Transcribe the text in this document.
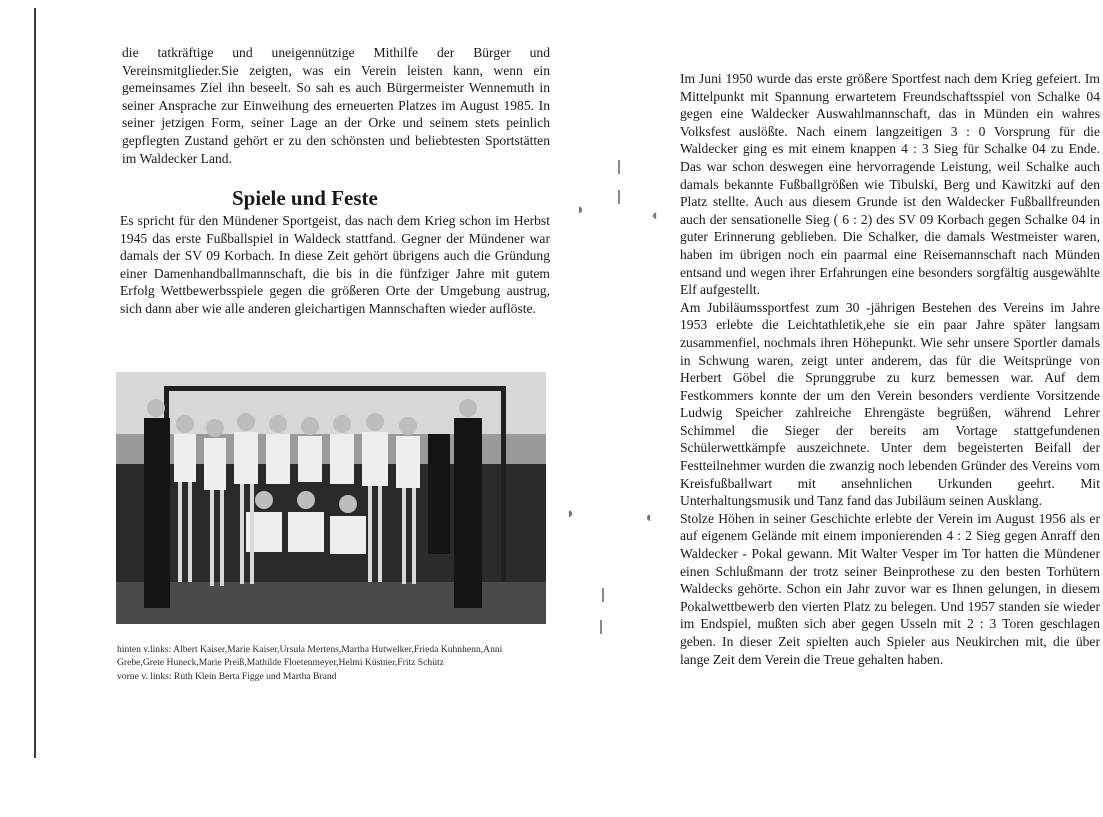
die tatkräftige und uneigennützige Mithilfe der Bürger und Vereinsmitglieder.Sie zeigten, was ein Verein leisten kann, wenn ein gemeinsames Ziel ihn beseelt. So sah es auch Bürgermeister Wennemuth in seiner Ansprache zur Einweihung des erneuerten Platzes im August 1985. In seiner jetzigen Form, seiner Lage an der Orke und seinem stets peinlich gepflegten Zustand gehört er zu den schönsten und beliebtesten Sportstätten im Waldecker Land.

Spiele und Feste

Es spricht für den Mündener Sportgeist, das nach dem Krieg schon im Herbst 1945 das erste Fußballspiel in Waldeck stattfand. Gegner der Mündener war damals der SV 09 Korbach. In diese Zeit gehört übrigens auch die Gründung einer Damenhandballmannschaft, die bis in die fünfziger Jahre mit gutem Erfolg Wettbewerbsspiele gegen die größeren Orte der Umgebung austrug, sich dann aber wie alle anderen gleichartigen Mannschaften wieder auflöste.

hinten v.links: Albert Kaiser,Marie Kaiser,Ursula Mertens,Martha Hutwelker,Frieda Kuhnhenn,Anni Grebe,Grete Huneck,Marie Preiß,Mathilde Floetenmeyer,Helmi Küstner,Fritz Schütz

vorne v. links: Ruth Klein Berta Figge und Martha Brand

◗	◖
◗	◖

Im Juni 1950 wurde das erste größere Sportfest nach dem Krieg gefeiert. Im Mittelpunkt mit Spannung erwartetem Freundschaftsspiel von Schalke 04 gegen eine Waldecker Auswahlmannschaft, das in Münden ein wahres Volksfest auslößte. Nach einem langzeitigen 3 : 0 Vorsprung für die Waldecker ging es mit einem knappen 4 : 3 Sieg für Schalke 04 zu Ende. Das war schon deswegen eine hervorragende Leistung, weil Schalke auch damals bekannte Fußballgrößen wie Tibulski, Berg und Kawitzki auf den Platz stellte. Auch aus diesem Grunde ist den Waldecker Fußballfreunden auch der sensationelle Sieg ( 6 : 2) des SV 09 Korbach gegen Schalke 04 in guter Erinnerung geblieben. Die Schalker, die damals Westmeister waren, haben im übrigen noch ein paarmal eine Reisemannschaft nach Münden entsand und wegen ihrer Erfahrungen eine besonders sorgfältig ausgewählte Elf aufgestellt.

Am Jubiläumssportfest zum 30 -jährigen Bestehen des Vereins im Jahre 1953 erlebte die Leichtathletik,ehe sie ein paar Jahre später langsam zusammenfiel, nochmals ihren Höhepunkt. Wie sehr unsere Sportler damals in Schwung waren, zeigt unter anderem, das für die Weitsprünge von Herbert Göbel die Sprunggrube zu kurz bemessen war. Auf dem Festkommers konnte der um den Verein besonders verdiente Vorsitzende Ludwig Speicher zahlreiche Ehrengäste begrüßen, während Lehrer Schimmel die Sieger der bereits am Vortage stattgefundenen Schülerwettkämpfe auszeichnete. Unter dem begeisterten Beifall der Festteilnehmer wurden die zwanzig noch lebenden Gründer des Vereins vom Kreisfußballwart mit ansehnlichen Urkunden geehrt. Mit Unterhaltungsmusik und Tanz fand das Jubiläum seinen Ausklang.

Stolze Höhen in seiner Geschichte erlebte der Verein im August 1956 als er auf eigenem Gelände mit einem imponierenden 4 : 2 Sieg gegen Anraff den Waldecker - Pokal gewann. Mit Walter Vesper im Tor hatten die Mündener einen Schlußmann der trotz seiner Beinprothese zu den besten Torhütern Waldecks gehörte. Schon ein Jahr zuvor war es Ihnen gelungen, in diesem Pokalwettbewerb den vierten Platz zu belegen. Und 1957 standen sie wieder im Endspiel, mußten sich aber gegen Usseln mit 2 : 3 Toren geschlagen geben. In dieser Zeit spielten auch Spieler aus Neukirchen mit, die über lange Zeit dem Verein die Treue gehalten haben.
